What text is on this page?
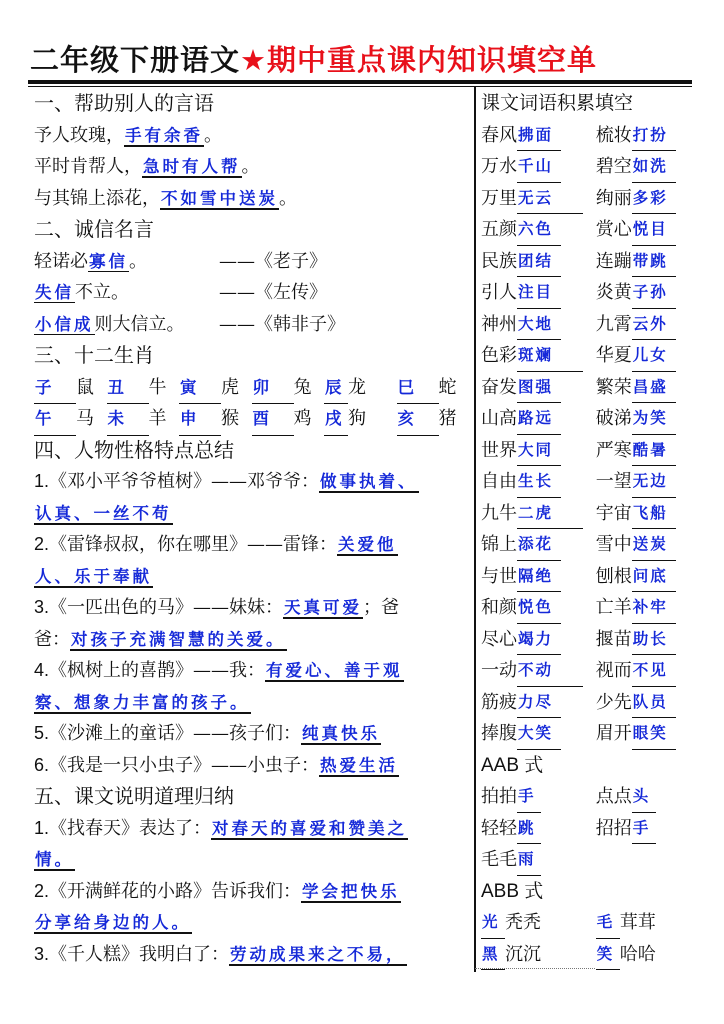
二年级下册语文★期中重点课内知识填空单
一、帮助别人的言语
予人玫瑰，手有余香。
平时肯帮人，急时有人帮。
与其锦上添花，不如雪中送炭。
二、诚信名言
轻诺必寡信。	——《老子》
失信不立。	——《左传》
小信成则大信立。 ——《韩非子》
三、十二生肖
子 鼠 丑 牛 寅 虎 卯 兔 辰 龙	巳 蛇
午 马 未 羊 申 猴 酉 鸡 戌 狗	亥 猪
四、人物性格特点总结
1.《邓小平爷爷植树》——邓爷爷：做事执着、
认真、一丝不苟
2.《雷锋叔叔，你在哪里》——雷锋：关爱他
人、乐于奉献
3.《一匹出色的马》——妹妹：天真可爱；爸
爸：对孩子充满智慧的关爱。
4.《枫树上的喜鹊》——我：有爱心、善于观
察、想象力丰富的孩子。
5.《沙滩上的童话》——孩子们：纯真快乐
6.《我是一只小虫子》——小虫子：热爱生活
五、课文说明道理归纳
1.《找春天》表达了：对春天的喜爱和赞美之
情。
2.《开满鲜花的小路》告诉我们：学会把快乐
分享给身边的人。
3.《千人糕》我明白了：劳动成果来之不易，
课文词语积累填空
春风 拂面	梳妆 打扮
万水 千山	碧空 如洗
万里 无云	绚丽 多彩
五颜 六色	赏心 悦目
民族 团结	连蹦 带跳
引人 注目	炎黄 子孙
神州 大地	九霄 云外
色彩 斑斓	华夏 儿女
奋发 图强	繁荣 昌盛
山高 路远	破涕 为笑
世界 大同	严寒 酷暑
自由 生长	一望 无边
九牛 二虎	宇宙 飞船
锦上 添花	雪中 送炭
与世 隔绝	刨根 问底
和颜 悦色	亡羊 补牢
尽心 竭力	揠苗 助长
一动 不动	视而 不见
筋疲 力尽	少先 队员
捧腹 大笑	眉开 眼笑
AAB 式
拍拍 手	点点 头
轻轻 跳	招招 手
毛毛 雨
ABB 式
光 秃秃	毛 茸茸
黑 沉沉	笑 哈哈
